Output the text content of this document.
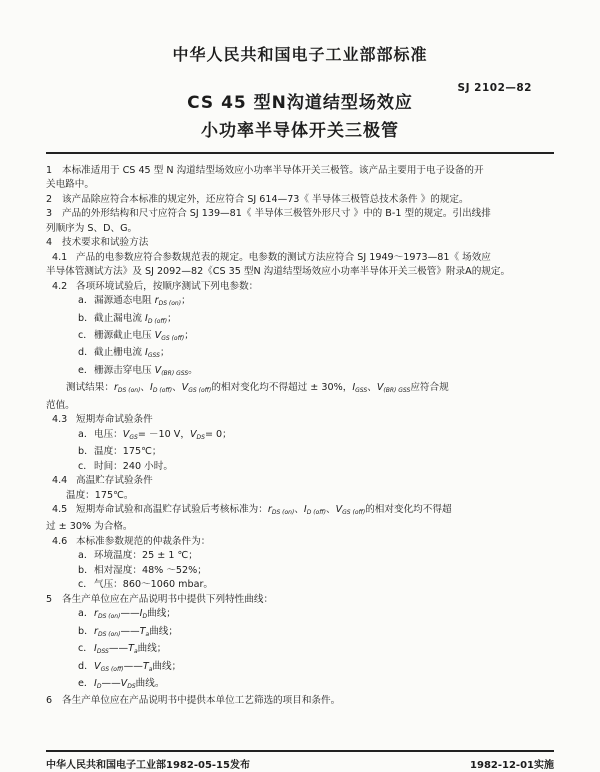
中华人民共和国电子工业部部标准
CS 45 型N沟道结型场效应
小功率半导体开关三极管
SJ 2102—82
1 本标准适用于 CS 45 型 N 沟道结型场效应小功率半导体开关三极管。该产品主要用于电子设备的开
关电路中。
2 该产品除应符合本标准的规定外，还应符合 SJ 614—73《 半导体三极管总技术条件 》的规定。
3 产品的外形结构和尺寸应符合 SJ 139—81《 半导体三极管外形尺寸 》中的 B-1 型的规定。引出线排
列顺序为 S、D、G。
4 技术要求和试验方法
4.1 产品的电参数应符合参数规范表的规定。电参数的测试方法应符合 SJ 1949～1973—81《 场效应
半导体管测试方法》及 SJ 2092—82《CS 35 型N 沟道结型场效应小功率半导体开关三极管》附录A的规定。
4.2 各项环境试验后，按顺序测试下列电参数：
a．漏源通态电阻 $r_{DS (on)}$；
b．截止漏电流 $I_{D (off)}$；
c．栅源截止电压 $V_{GS (off)}$；
d．截止栅电流 $I_{GSS}$；
e．栅源击穿电压 $V_{(BR) GSS}$。
测试结果：$r_{DS (on)}$、$I_{D (off)}$、$V_{GS (off)}$的相对变化均不得超过 ± 30%，$I_{GSS}$、$V_{(BR) GSS}$应符合规
范值。
4.3 短期寿命试验条件
a．电压：$V_{GS}= -10$ V，$V_{DS}= 0$；
b．温度：175℃；
c．时间：240 小时。
4.4 高温贮存试验条件
温度：175℃。
4.5 短期寿命试验和高温贮存试验后考核标准为：$r_{DS (on)}$、$I_{D (off)}$、$V_{GS (off)}$的相对变化均不得超
过 ± 30% 为合格。
4.6 本标准参数规范的仲裁条件为：
a．环境温度：25 ± 1 ℃；
b．相对湿度：48% ～52%；
c．气压：860～1060 mbar。
5 各生产单位应在产品说明书中提供下列特性曲线：
a．$r_{DS (on)}——I_D$曲线；
b．$r_{DS (on)}——T_a$曲线；
c．$I_{DSS}——T_a$曲线；
d．$V_{GS (off)}——T_a$曲线；
e．$I_D——V_{DS}$曲线。
6 各生产单位应在产品说明书中提供本单位工艺筛选的项目和条件。
中华人民共和国电子工业部1982-05-15发布	1982-12-01实施
